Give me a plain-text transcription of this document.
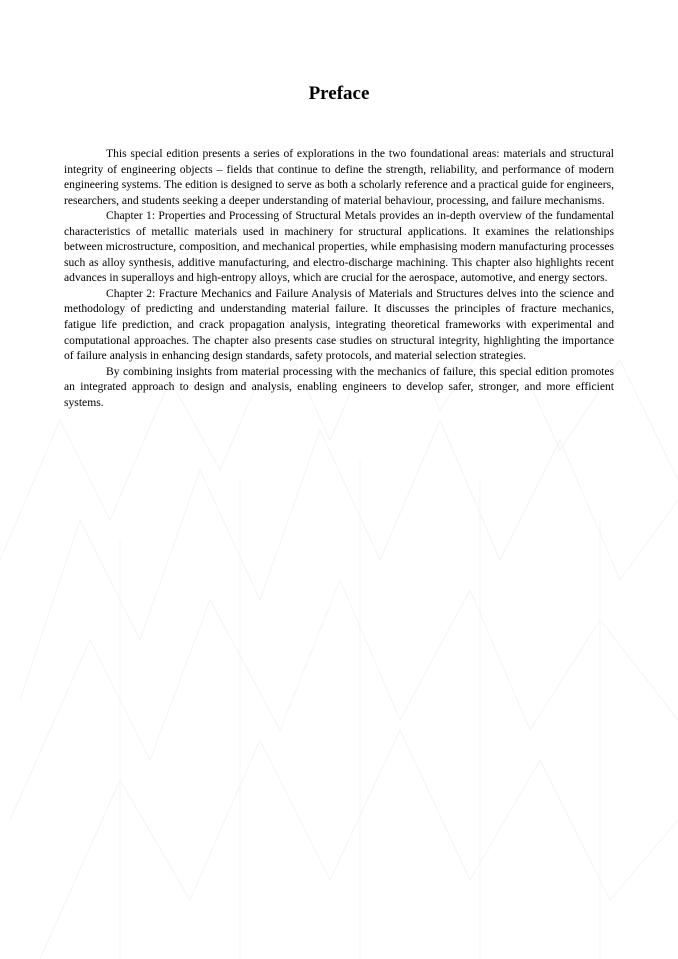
Preface

This special edition presents a series of explorations in the two foundational areas: materials and structural integrity of engineering objects – fields that continue to define the strength, reliability, and performance of modern engineering systems. The edition is designed to serve as both a scholarly reference and a practical guide for engineers, researchers, and students seeking a deeper understanding of material behaviour, processing, and failure mechanisms.

Chapter 1: Properties and Processing of Structural Metals provides an in-depth overview of the fundamental characteristics of metallic materials used in machinery for structural applications. It examines the relationships between microstructure, composition, and mechanical properties, while emphasising modern manufacturing processes such as alloy synthesis, additive manufacturing, and electro-discharge machining. This chapter also highlights recent advances in superalloys and high-entropy alloys, which are crucial for the aerospace, automotive, and energy sectors.

Chapter 2: Fracture Mechanics and Failure Analysis of Materials and Structures delves into the science and methodology of predicting and understanding material failure. It discusses the principles of fracture mechanics, fatigue life prediction, and crack propagation analysis, integrating theoretical frameworks with experimental and computational approaches. The chapter also presents case studies on structural integrity, highlighting the importance of failure analysis in enhancing design standards, safety protocols, and material selection strategies.

By combining insights from material processing with the mechanics of failure, this special edition promotes an integrated approach to design and analysis, enabling engineers to develop safer, stronger, and more efficient systems.
